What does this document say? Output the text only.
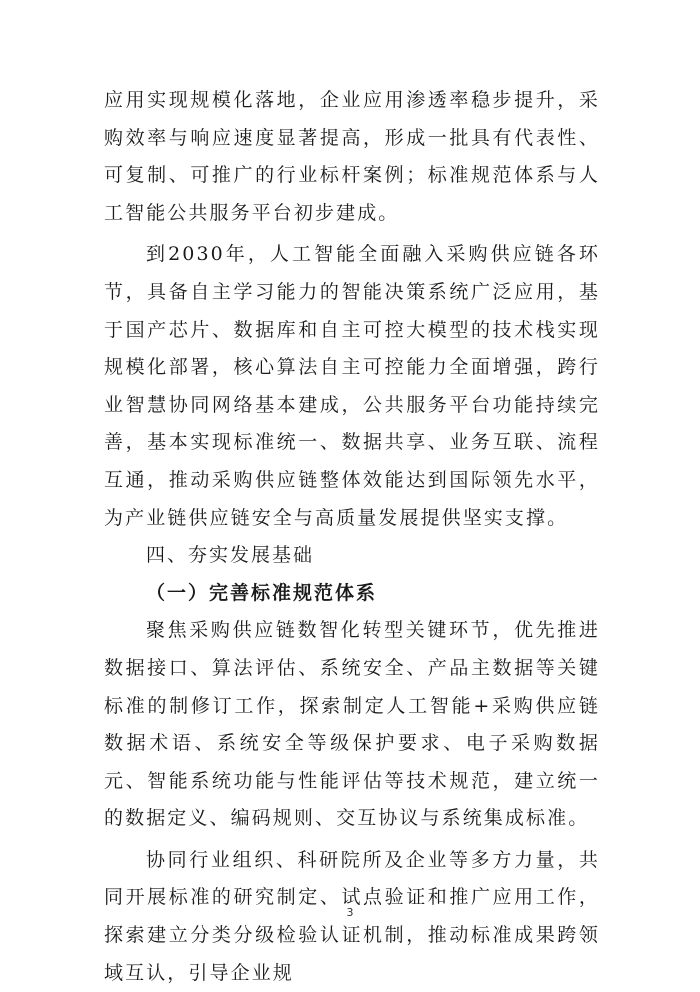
应用实现规模化落地，企业应用渗透率稳步提升，采购效率与响应速度显著提高，形成一批具有代表性、可复制、可推广的行业标杆案例；标准规范体系与人工智能公共服务平台初步建成。

到2030年，人工智能全面融入采购供应链各环节，具备自主学习能力的智能决策系统广泛应用，基于国产芯片、数据库和自主可控大模型的技术栈实现规模化部署，核心算法自主可控能力全面增强，跨行业智慧协同网络基本建成，公共服务平台功能持续完善，基本实现标准统一、数据共享、业务互联、流程互通，推动采购供应链整体效能达到国际领先水平，为产业链供应链安全与高质量发展提供坚实支撑。

四、夯实发展基础
（一）完善标准规范体系

聚焦采购供应链数智化转型关键环节，优先推进数据接口、算法评估、系统安全、产品主数据等关键标准的制修订工作，探索制定人工智能+采购供应链数据术语、系统安全等级保护要求、电子采购数据元、智能系统功能与性能评估等技术规范，建立统一的数据定义、编码规则、交互协议与系统集成标准。

协同行业组织、科研院所及企业等多方力量，共同开展标准的研究制定、试点验证和推广应用工作，探索建立分类分级检验认证机制，推动标准成果跨领域互认，引导企业规

3
